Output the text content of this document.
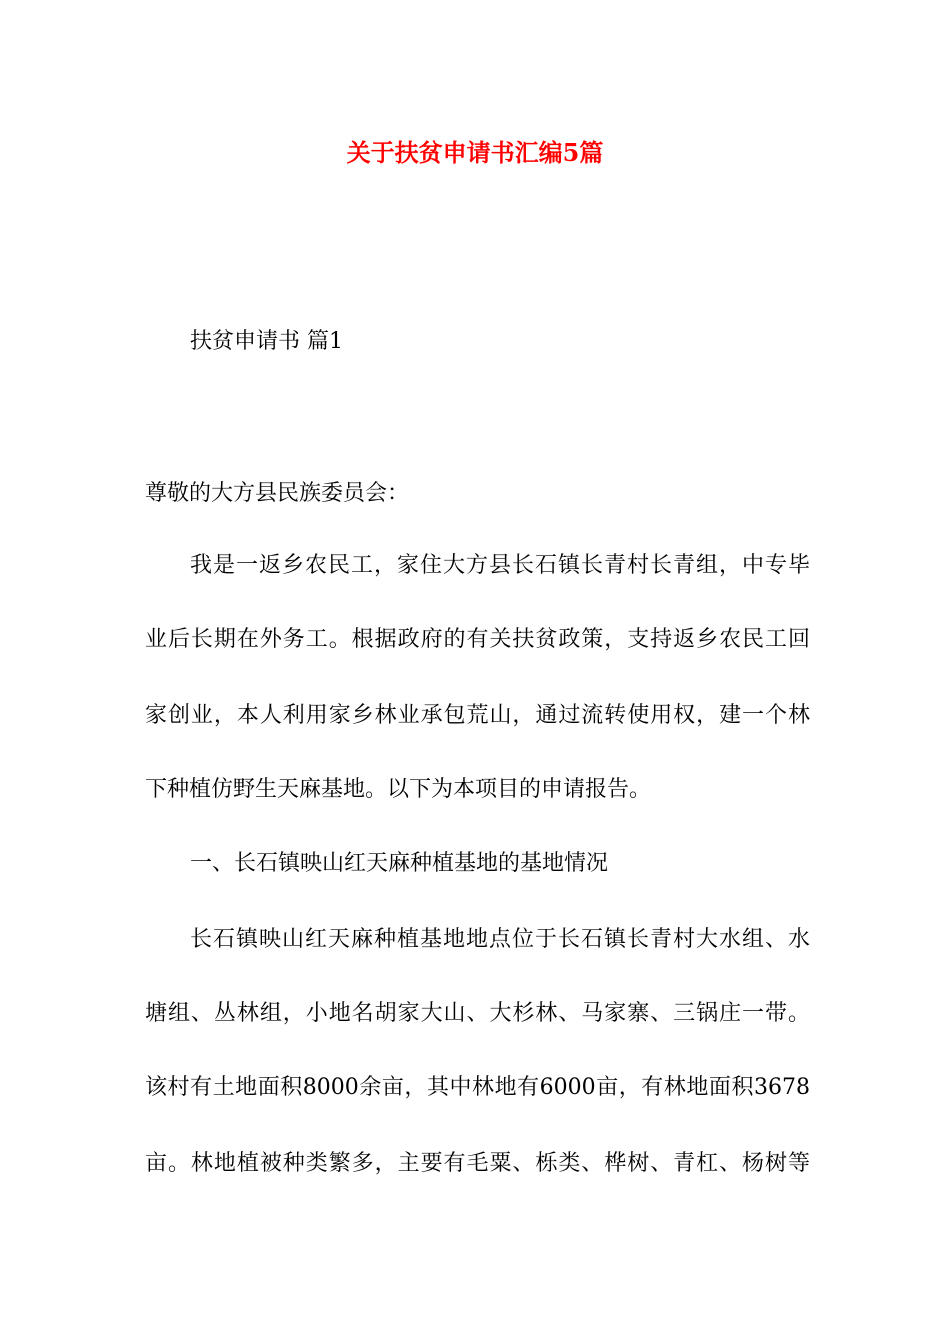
关于扶贫申请书汇编5篇
扶贫申请书 篇1
尊敬的大方县民族委员会：
我是一返乡农民工，家住大方县长石镇长青村长青组，中专毕
业后长期在外务工。根据政府的有关扶贫政策，支持返乡农民工回
家创业，本人利用家乡林业承包荒山，通过流转使用权，建一个林
下种植仿野生天麻基地。以下为本项目的申请报告。
一、长石镇映山红天麻种植基地的基地情况
长石镇映山红天麻种植基地地点位于长石镇长青村大水组、水
塘组、丛林组，小地名胡家大山、大杉林、马家寨、三锅庄一带。
该村有土地面积8000余亩，其中林地有6000亩，有林地面积3678
亩。林地植被种类繁多，主要有毛粟、栎类、桦树、青杠、杨树等
